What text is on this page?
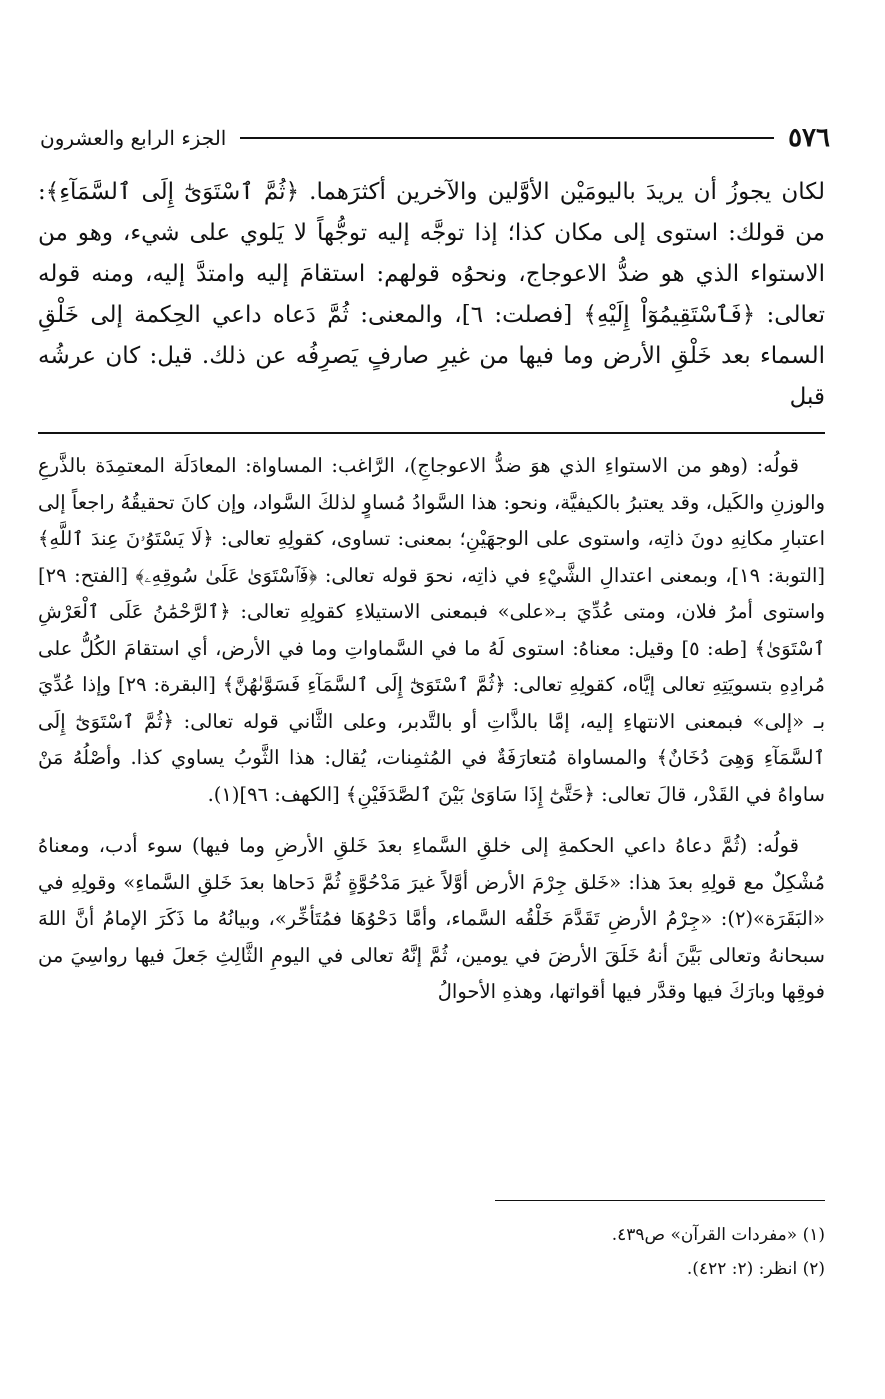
٥٧٦
الجزء الرابع والعشرون

لكان يجوزُ أن يريدَ باليومَيْن الأوَّلين والآخرين أكثرَهما. ﴿ثُمَّ ٱسْتَوَىٰٓ إِلَى ٱلسَّمَآءِ﴾: من قولك: استوى إلى مكان كذا؛ إذا توجَّه إليه توجُّهاً لا يَلوي على شيء، وهو من الاستواء الذي هو ضدُّ الاعوجاج، ونحوُه قولهم: استقامَ إليه وامتدَّ إليه، ومنه قوله تعالى: ﴿فَٱسْتَقِيمُوٓاْ إِلَيْهِ﴾ [فصلت: ٦]، والمعنى: ثُمَّ دَعاه داعي الحِكمة إلى خَلْقِ السماء بعد خَلْقِ الأرض وما فيها من غيرِ صارفٍ يَصرِفُه عن ذلك. قيل: كان عرشُه قبل

قولُه: (وهو من الاستواءِ الذي هوَ ضدُّ الاعوجاجِ)، الرَّاغب: المساواة: المعادَلَة المعتمِدَة بالذَّرعِ والوزنِ والكَيل، وقد يعتبرُ بالكيفيَّة، ونحو: هذا السَّوادُ مُساوٍ لذلكَ السَّواد، وإن كانَ تحقيقُهُ راجعاً إلى اعتبارِ مكانِهِ دونَ ذاتِه، واستوى على الوجهَيْنِ؛ بمعنى: تساوى، كقولِهِ تعالى: ﴿لَا يَسْتَوُۥنَ عِندَ ٱللَّهِ﴾ [التوبة: ١٩]، وبمعنى اعتدالِ الشَّيْءِ في ذاتِه، نحوَ قوله تعالى: ﴿فَٱسْتَوَىٰ عَلَىٰ سُوقِهِۦ﴾ [الفتح: ٢٩] واستوى أمرُ فلان، ومتى عُدِّيَ بـ«على» فبمعنى الاستيلاءِ كقولِهِ تعالى: ﴿ٱلرَّحْمَٰنُ عَلَى ٱلْعَرْشِ ٱسْتَوَىٰ﴾ [طه: ٥] وقيل: معناهُ: استوى لَهُ ما في السَّماواتِ وما في الأرض، أي استقامَ الكُلُّ على مُرادِهِ بتسويَتِهِ تعالى إيَّاه، كقولِهِ تعالى: ﴿ثُمَّ ٱسْتَوَىٰٓ إِلَى ٱلسَّمَآءِ فَسَوَّىٰهُنَّ﴾ [البقرة: ٢٩] وإذا عُدِّيَ بـ «إلى» فبمعنى الانتهاءِ إليه، إمَّا بالذَّاتِ أو بالتَّدبر، وعلى الثَّاني قوله تعالى: ﴿ثُمَّ ٱسْتَوَىٰٓ إِلَى ٱلسَّمَآءِ وَهِىَ دُخَانٌ﴾ والمساواة مُتعارَفَةٌ في المُثمِنات، يُقال: هذا الثَّوبُ يساوي كذا. وأصْلُهُ مَنْ ساواهُ في القَدْر، قالَ تعالى: ﴿حَتَّىٰٓ إِذَا سَاوَىٰ بَيْنَ ٱلصَّدَفَيْنِ﴾ [الكهف: ٩٦](١).

قولُه: (ثُمَّ دعاهُ داعي الحكمةِ إلى خلقِ السَّماءِ بعدَ خَلقِ الأرضِ وما فيها) سوء أدب، ومعناهُ مُشْكِلٌ مع قولِهِ بعدَ هذا: «خَلق جِرْمَ الأرض أوَّلاً غيرَ مَدْحُوَّةٍ ثُمَّ دَحاها بعدَ خَلقِ السَّماءِ» وقولِهِ في «البَقَرَة»(٢): «جِرْمُ الأرضِ تَقَدَّمَ خَلْقُه السَّماء، وأمَّا دَحْوُهَا فمُتَأخِّر»، وبيانُهُ ما ذَكَرَ الإمامُ أنَّ اللهَ سبحانهُ وتعالى بَيَّنَ أنهُ خَلَقَ الأرضَ في يومين، ثُمَّ إنَّهُ تعالى في اليومِ الثَّالِثِ جَعلَ فيها رواسِيَ من فوقِها وبارَكَ فيها وقدَّر فيها أقواتها، وهذهِ الأحوالُ

(١) «مفردات القرآن» ص٤٣٩.

(٢) انظر: (٢: ٤٢٢).
